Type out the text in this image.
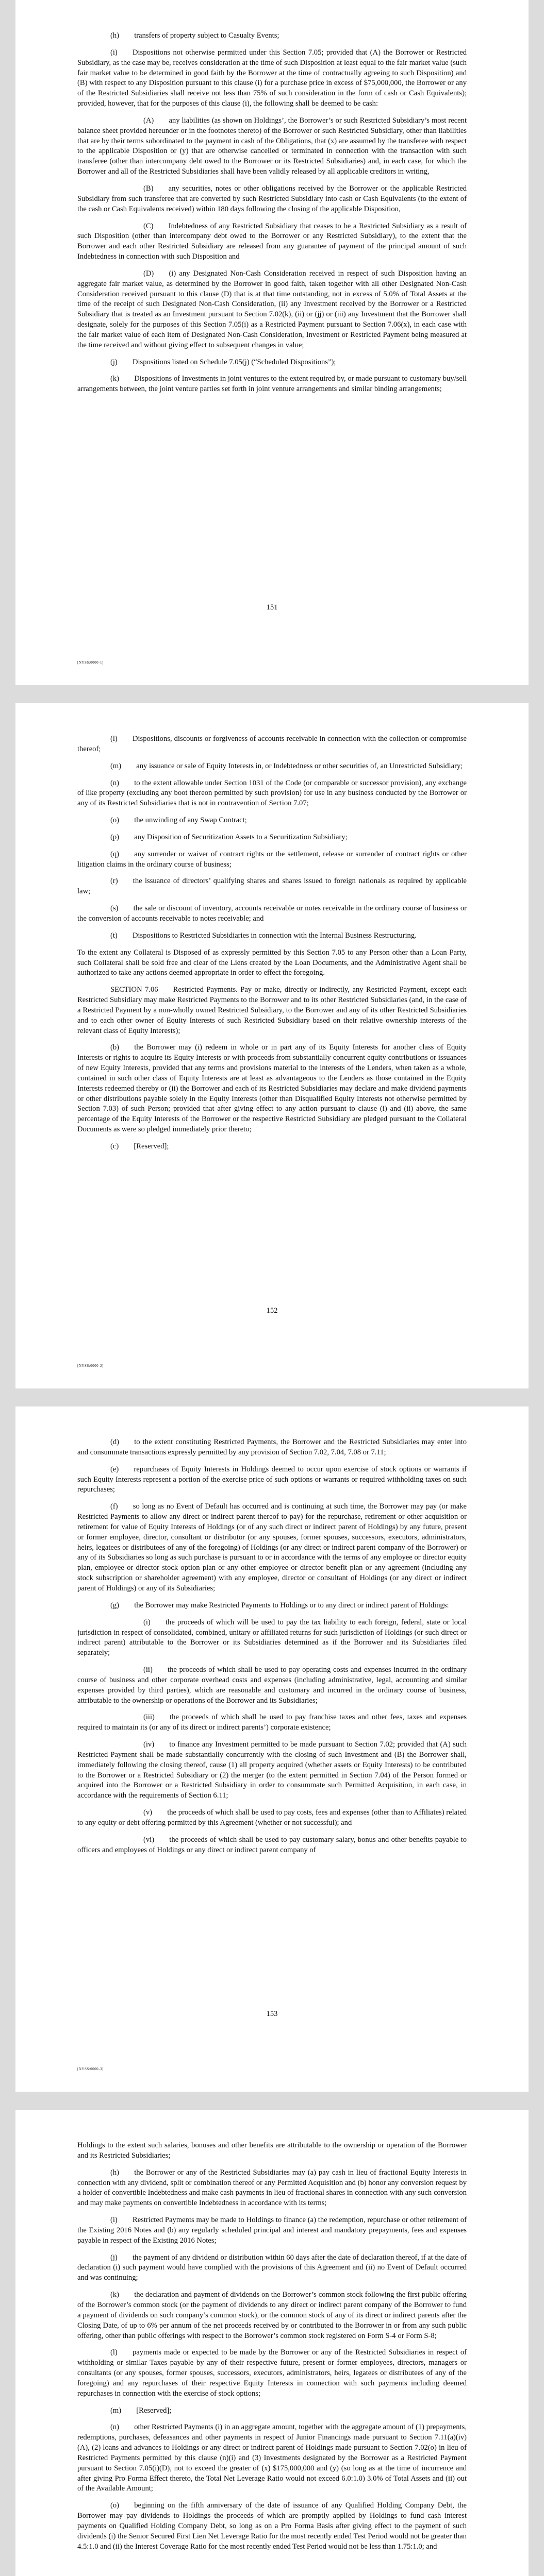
(h)  transfers of property subject to Casualty Events;

(i)  Dispositions not otherwise permitted under this Section 7.05; provided that (A) the Borrower or Restricted Subsidiary, as the case may be, receives consideration at the time of such Disposition at least equal to the fair market value (such fair market value to be determined in good faith by the Borrower at the time of contractually agreeing to such Disposition) and (B) with respect to any Disposition pursuant to this clause (i) for a purchase price in excess of $75,000,000, the Borrower or any of the Restricted Subsidiaries shall receive not less than 75% of such consideration in the form of cash or Cash Equivalents); provided, however, that for the purposes of this clause (i), the following shall be deemed to be cash:

(A)  any liabilities (as shown on Holdings’, the Borrower’s or such Restricted Subsidiary’s most recent balance sheet provided hereunder or in the footnotes thereto) of the Borrower or such Restricted Subsidiary, other than liabilities that are by their terms subordinated to the payment in cash of the Obligations, that (x) are assumed by the transferee with respect to the applicable Disposition or (y) that are otherwise cancelled or terminated in connection with the transaction with such transferee (other than intercompany debt owed to the Borrower or its Restricted Subsidiaries) and, in each case, for which the Borrower and all of the Restricted Subsidiaries shall have been validly released by all applicable creditors in writing,

(B)  any securities, notes or other obligations received by the Borrower or the applicable Restricted Subsidiary from such transferee that are converted by such Restricted Subsidiary into cash or Cash Equivalents (to the extent of the cash or Cash Equivalents received) within 180 days following the closing of the applicable Disposition,

(C)  Indebtedness of any Restricted Subsidiary that ceases to be a Restricted Subsidiary as a result of such Disposition (other than intercompany debt owed to the Borrower or any Restricted Subsidiary), to the extent that the Borrower and each other Restricted Subsidiary are released from any guarantee of payment of the principal amount of such Indebtedness in connection with such Disposition and

(D)  (i) any Designated Non-Cash Consideration received in respect of such Disposition having an aggregate fair market value, as determined by the Borrower in good faith, taken together with all other Designated Non-Cash Consideration received pursuant to this clause (D) that is at that time outstanding, not in excess of 5.0% of Total Assets at the time of the receipt of such Designated Non-Cash Consideration, (ii) any Investment received by the Borrower or a Restricted Subsidiary that is treated as an Investment pursuant to Section 7.02(k), (ii) or (jj) or (iii) any Investment that the Borrower shall designate, solely for the purposes of this Section 7.05(i) as a Restricted Payment pursuant to Section 7.06(x), in each case with the fair market value of each item of Designated Non-Cash Consideration, Investment or Restricted Payment being measured at the time received and without giving effect to subsequent changes in value;

(j)  Dispositions listed on Schedule 7.05(j) (“Scheduled Dispositions”);

(k)  Dispositions of Investments in joint ventures to the extent required by, or made pursuant to customary buy/sell arrangements between, the joint venture parties set forth in joint venture arrangements and similar binding arrangements;

151
[NYSS:0000-1]

(l)  Dispositions, discounts or forgiveness of accounts receivable in connection with the collection or compromise thereof;

(m)  any issuance or sale of Equity Interests in, or Indebtedness or other securities of, an Unrestricted Subsidiary;

(n)  to the extent allowable under Section 1031 of the Code (or comparable or successor provision), any exchange of like property (excluding any boot thereon permitted by such provision) for use in any business conducted by the Borrower or any of its Restricted Subsidiaries that is not in contravention of Section 7.07;

(o)  the unwinding of any Swap Contract;

(p)  any Disposition of Securitization Assets to a Securitization Subsidiary;

(q)  any surrender or waiver of contract rights or the settlement, release or surrender of contract rights or other litigation claims in the ordinary course of business;

(r)  the issuance of directors’ qualifying shares and shares issued to foreign nationals as required by applicable law;

(s)  the sale or discount of inventory, accounts receivable or notes receivable in the ordinary course of business or the conversion of accounts receivable to notes receivable; and

(t)  Dispositions to Restricted Subsidiaries in connection with the Internal Business Restructuring.

To the extent any Collateral is Disposed of as expressly permitted by this Section 7.05 to any Person other than a Loan Party, such Collateral shall be sold free and clear of the Liens created by the Loan Documents, and the Administrative Agent shall be authorized to take any actions deemed appropriate in order to effect the foregoing.

SECTION 7.06  Restricted Payments. Pay or make, directly or indirectly, any Restricted Payment, except each Restricted Subsidiary may make Restricted Payments to the Borrower and to its other Restricted Subsidiaries (and, in the case of a Restricted Payment by a non-wholly owned Restricted Subsidiary, to the Borrower and any of its other Restricted Subsidiaries and to each other owner of Equity Interests of such Restricted Subsidiary based on their relative ownership interests of the relevant class of Equity Interests);

(b)  the Borrower may (i) redeem in whole or in part any of its Equity Interests for another class of Equity Interests or rights to acquire its Equity Interests or with proceeds from substantially concurrent equity contributions or issuances of new Equity Interests, provided that any terms and provisions material to the interests of the Lenders, when taken as a whole, contained in such other class of Equity Interests are at least as advantageous to the Lenders as those contained in the Equity Interests redeemed thereby or (ii) the Borrower and each of its Restricted Subsidiaries may declare and make dividend payments or other distributions payable solely in the Equity Interests (other than Disqualified Equity Interests not otherwise permitted by Section 7.03) of such Person; provided that after giving effect to any action pursuant to clause (i) and (ii) above, the same percentage of the Equity Interests of the Borrower or the respective Restricted Subsidiary are pledged pursuant to the Collateral Documents as were so pledged immediately prior thereto;

(c)  [Reserved];

152
[NYSS:0000-2]

(d)  to the extent constituting Restricted Payments, the Borrower and the Restricted Subsidiaries may enter into and consummate transactions expressly permitted by any provision of Section 7.02, 7.04, 7.08 or 7.11;

(e)  repurchases of Equity Interests in Holdings deemed to occur upon exercise of stock options or warrants if such Equity Interests represent a portion of the exercise price of such options or warrants or required withholding taxes on such repurchases;

(f)  so long as no Event of Default has occurred and is continuing at such time, the Borrower may pay (or make Restricted Payments to allow any direct or indirect parent thereof to pay) for the repurchase, retirement or other acquisition or retirement for value of Equity Interests of Holdings (or of any such direct or indirect parent of Holdings) by any future, present or former employee, director, consultant or distributor (or any spouses, former spouses, successors, executors, administrators, heirs, legatees or distributees of any of the foregoing) of Holdings (or any direct or indirect parent company of the Borrower) or any of its Subsidiaries so long as such purchase is pursuant to or in accordance with the terms of any employee or director equity plan, employee or director stock option plan or any other employee or director benefit plan or any agreement (including any stock subscription or shareholder agreement) with any employee, director or consultant of Holdings (or any direct or indirect parent of Holdings) or any of its Subsidiaries;

(g)  the Borrower may make Restricted Payments to Holdings or to any direct or indirect parent of Holdings:

(i)  the proceeds of which will be used to pay the tax liability to each foreign, federal, state or local jurisdiction in respect of consolidated, combined, unitary or affiliated returns for such jurisdiction of Holdings (or such direct or indirect parent) attributable to the Borrower or its Subsidiaries determined as if the Borrower and its Subsidiaries filed separately;

(ii)  the proceeds of which shall be used to pay operating costs and expenses incurred in the ordinary course of business and other corporate overhead costs and expenses (including administrative, legal, accounting and similar expenses provided by third parties), which are reasonable and customary and incurred in the ordinary course of business, attributable to the ownership or operations of the Borrower and its Subsidiaries;

(iii)  the proceeds of which shall be used to pay franchise taxes and other fees, taxes and expenses required to maintain its (or any of its direct or indirect parents’) corporate existence;

(iv)  to finance any Investment permitted to be made pursuant to Section 7.02; provided that (A) such Restricted Payment shall be made substantially concurrently with the closing of such Investment and (B) the Borrower shall, immediately following the closing thereof, cause (1) all property acquired (whether assets or Equity Interests) to be contributed to the Borrower or a Restricted Subsidiary or (2) the merger (to the extent permitted in Section 7.04) of the Person formed or acquired into the Borrower or a Restricted Subsidiary in order to consummate such Permitted Acquisition, in each case, in accordance with the requirements of Section 6.11;

(v)  the proceeds of which shall be used to pay costs, fees and expenses (other than to Affiliates) related to any equity or debt offering permitted by this Agreement (whether or not successful); and

(vi)  the proceeds of which shall be used to pay customary salary, bonus and other benefits payable to officers and employees of Holdings or any direct or indirect parent company of

153
[NYSS:0000-3]

Holdings to the extent such salaries, bonuses and other benefits are attributable to the ownership or operation of the Borrower and its Restricted Subsidiaries;

(h)  the Borrower or any of the Restricted Subsidiaries may (a) pay cash in lieu of fractional Equity Interests in connection with any dividend, split or combination thereof or any Permitted Acquisition and (b) honor any conversion request by a holder of convertible Indebtedness and make cash payments in lieu of fractional shares in connection with any such conversion and may make payments on convertible Indebtedness in accordance with its terms;

(i)  Restricted Payments may be made to Holdings to finance (a) the redemption, repurchase or other retirement of the Existing 2016 Notes and (b) any regularly scheduled principal and interest and mandatory prepayments, fees and expenses payable in respect of the Existing 2016 Notes;

(j)  the payment of any dividend or distribution within 60 days after the date of declaration thereof, if at the date of declaration (i) such payment would have complied with the provisions of this Agreement and (ii) no Event of Default occurred and was continuing;

(k)  the declaration and payment of dividends on the Borrower’s common stock following the first public offering of the Borrower’s common stock (or the payment of dividends to any direct or indirect parent company of the Borrower to fund a payment of dividends on such company’s common stock), or the common stock of any of its direct or indirect parents after the Closing Date, of up to 6% per annum of the net proceeds received by or contributed to the Borrower in or from any such public offering, other than public offerings with respect to the Borrower’s common stock registered on Form S-4 or Form S-8;

(l)  payments made or expected to be made by the Borrower or any of the Restricted Subsidiaries in respect of withholding or similar Taxes payable by any of their respective future, present or former employees, directors, managers or consultants (or any spouses, former spouses, successors, executors, administrators, heirs, legatees or distributees of any of the foregoing) and any repurchases of their respective Equity Interests in connection with such payments including deemed repurchases in connection with the exercise of stock options;

(m)  [Reserved];

(n)  other Restricted Payments (i) in an aggregate amount, together with the aggregate amount of (1) prepayments, redemptions, purchases, defeasances and other payments in respect of Junior Financings made pursuant to Section 7.11(a)(iv)(A), (2) loans and advances to Holdings or any direct or indirect parent of Holdings made pursuant to Section 7.02(o) in lieu of Restricted Payments permitted by this clause (n)(i) and (3) Investments designated by the Borrower as a Restricted Payment pursuant to Section 7.05(i)(D), not to exceed the greater of (x) $175,000,000 and (y) (so long as at the time of incurrence and after giving Pro Forma Effect thereto, the Total Net Leverage Ratio would not exceed 6.0:1.0) 3.0% of Total Assets and (ii) out of the Available Amount;

(o)  beginning on the fifth anniversary of the date of issuance of any Qualified Holding Company Debt, the Borrower may pay dividends to Holdings the proceeds of which are promptly applied by Holdings to fund cash interest payments on Qualified Holding Company Debt, so long as on a Pro Forma Basis after giving effect to the payment of such dividends (i) the Senior Secured First Lien Net Leverage Ratio for the most recently ended Test Period would not be greater than 4.5:1.0 and (ii) the Interest Coverage Ratio for the most recently ended Test Period would not be less than 1.75:1.0; and
